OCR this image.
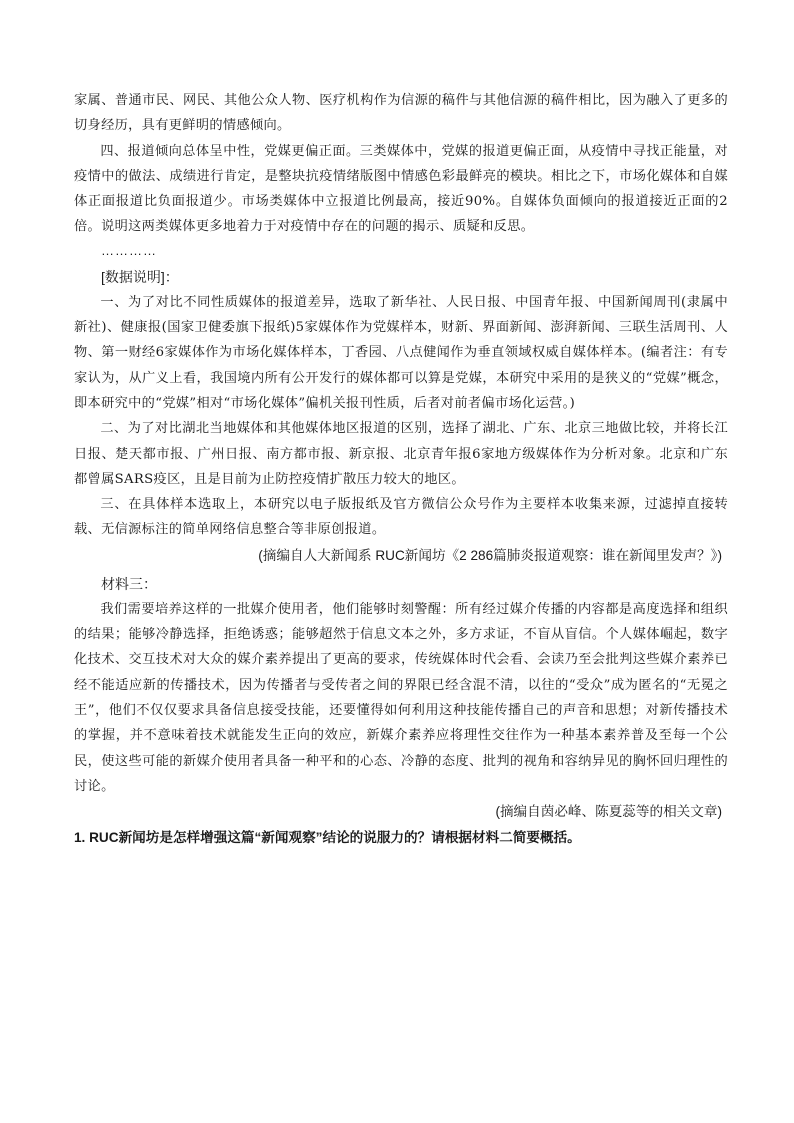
家属、普通市民、网民、其他公众人物、医疗机构作为信源的稿件与其他信源的稿件相比，因为融入了更多的切身经历，具有更鲜明的情感倾向。

四、报道倾向总体呈中性，党媒更偏正面。三类媒体中，党媒的报道更偏正面，从疫情中寻找正能量，对疫情中的做法、成绩进行肯定，是整块抗疫情绪版图中情感色彩最鲜亮的模块。相比之下，市场化媒体和自媒体正面报道比负面报道少。市场类媒体中立报道比例最高，接近90%。自媒体负面倾向的报道接近正面的2倍。说明这两类媒体更多地着力于对疫情中存在的问题的揭示、质疑和反思。

…………

[数据说明]：

一、为了对比不同性质媒体的报道差异，选取了新华社、人民日报、中国青年报、中国新闻周刊(隶属中新社)、健康报(国家卫健委旗下报纸)5家媒体作为党媒样本，财新、界面新闻、澎湃新闻、三联生活周刊、人物、第一财经6家媒体作为市场化媒体样本，丁香园、八点健闻作为垂直领域权威自媒体样本。(编者注：有专家认为，从广义上看，我国境内所有公开发行的媒体都可以算是党媒，本研究中采用的是狭义的“党媒”概念，即本研究中的“党媒”相对“市场化媒体”偏机关报刊性质，后者对前者偏市场化运营。)

二、为了对比湖北当地媒体和其他媒体地区报道的区别，选择了湖北、广东、北京三地做比较，并将长江日报、楚天都市报、广州日报、南方都市报、新京报、北京青年报6家地方级媒体作为分析对象。北京和广东都曾属SARS疫区，且是目前为止防控疫情扩散压力较大的地区。

三、在具体样本选取上，本研究以电子版报纸及官方微信公众号作为主要样本收集来源，过滤掉直接转载、无信源标注的简单网络信息整合等非原创报道。

(摘编自人大新闻系 RUC新闻坊《2 286篇肺炎报道观察：谁在新闻里发声？》)

材料三：

我们需要培养这样的一批媒介使用者，他们能够时刻警醒：所有经过媒介传播的内容都是高度选择和组织的结果；能够冷静选择，拒绝诱惑；能够超然于信息文本之外，多方求证，不盲从盲信。个人媒体崛起，数字化技术、交互技术对大众的媒介素养提出了更高的要求，传统媒体时代会看、会读乃至会批判这些媒介素养已经不能适应新的传播技术，因为传播者与受传者之间的界限已经含混不清，以往的“受众”成为匿名的“无冕之王”，他们不仅仅要求具备信息接受技能，还要懂得如何利用这种技能传播自己的声音和思想；对新传播技术的掌握，并不意味着技术就能发生正向的效应，新媒介素养应将理性交往作为一种基本素养普及至每一个公民，使这些可能的新媒介使用者具备一种平和的心态、冷静的态度、批判的视角和容纳异见的胸怀回归理性的讨论。

(摘编自茵必峰、陈夏蕊等的相关文章)

1. RUC新闻坊是怎样增强这篇“新闻观察”结论的说服力的？请根据材料二简要概括。
